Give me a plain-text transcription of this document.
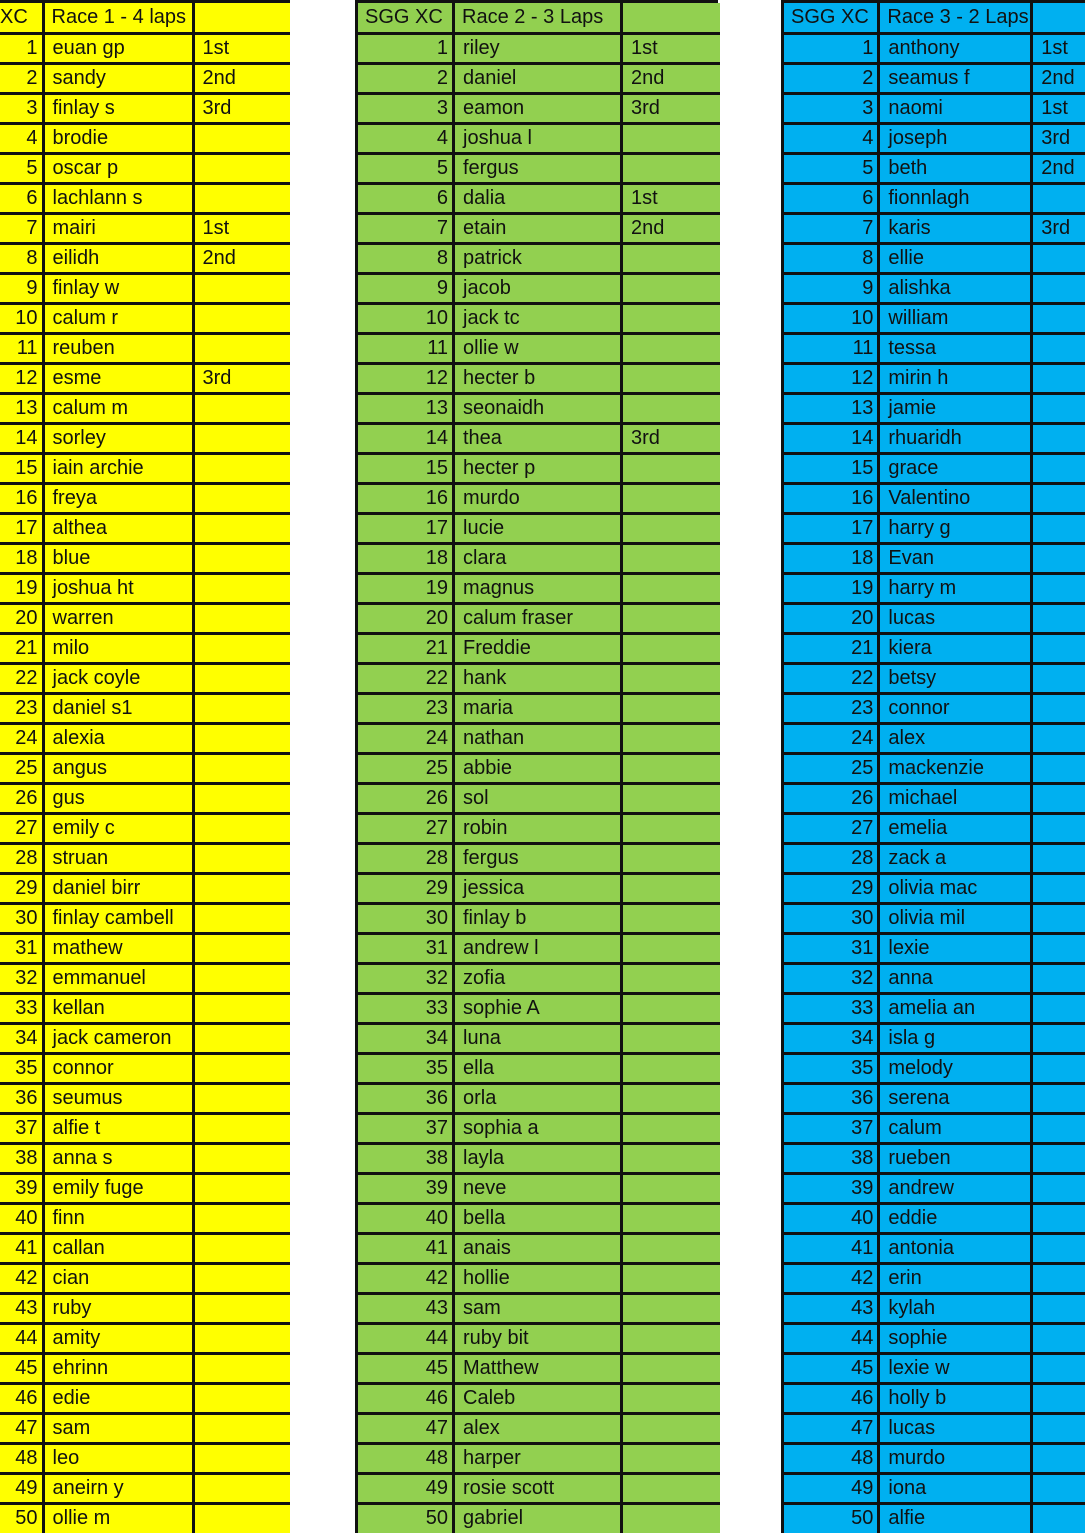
XC	Race 1 - 4 laps	
1	euan gp	1st
2	sandy	2nd
3	finlay s	3rd
4	brodie	
5	oscar p	
6	lachlann s	
7	mairi	1st
8	eilidh	2nd
9	finlay w	
10	calum r	
11	reuben	
12	esme	3rd
13	calum m	
14	sorley	
15	iain archie	
16	freya	
17	althea	
18	blue	
19	joshua ht	
20	warren	
21	milo	
22	jack coyle	
23	daniel s1	
24	alexia	
25	angus	
26	gus	
27	emily c	
28	struan	
29	daniel birr	
30	finlay cambell	
31	mathew	
32	emmanuel	
33	kellan	
34	jack cameron	
35	connor	
36	seumus	
37	alfie t	
38	anna s	
39	emily fuge	
40	finn	
41	callan	
42	cian	
43	ruby	
44	amity	
45	ehrinn	
46	edie	
47	sam	
48	leo	
49	aneirn y	
50	ollie m	
SGG XC	Race 2 - 3 Laps	
1	riley	1st
2	daniel	2nd
3	eamon	3rd
4	joshua l	
5	fergus	
6	dalia	1st
7	etain	2nd
8	patrick	
9	jacob	
10	jack tc	
11	ollie w	
12	hecter b	
13	seonaidh	
14	thea	3rd
15	hecter p	
16	murdo	
17	lucie	
18	clara	
19	magnus	
20	calum fraser	
21	Freddie	
22	hank	
23	maria	
24	nathan	
25	abbie	
26	sol	
27	robin	
28	fergus	
29	jessica	
30	finlay b	
31	andrew l	
32	zofia	
33	sophie A	
34	luna	
35	ella	
36	orla	
37	sophia a	
38	layla	
39	neve	
40	bella	
41	anais	
42	hollie	
43	sam	
44	ruby bit	
45	Matthew	
46	Caleb	
47	alex	
48	harper	
49	rosie scott	
50	gabriel	
SGG XC	Race 3 - 2 Laps	
1	anthony	1st
2	seamus f	2nd
3	naomi	1st
4	joseph	3rd
5	beth	2nd
6	fionnlagh	
7	karis	3rd
8	ellie	
9	alishka	
10	william	
11	tessa	
12	mirin h	
13	jamie	
14	rhuaridh	
15	grace	
16	Valentino	
17	harry g	
18	Evan	
19	harry m	
20	lucas	
21	kiera	
22	betsy	
23	connor	
24	alex	
25	mackenzie	
26	michael	
27	emelia	
28	zack a	
29	olivia mac	
30	olivia mil	
31	lexie	
32	anna	
33	amelia an	
34	isla g	
35	melody	
36	serena	
37	calum	
38	rueben	
39	andrew	
40	eddie	
41	antonia	
42	erin	
43	kylah	
44	sophie	
45	lexie w	
46	holly b	
47	lucas	
48	murdo	
49	iona	
50	alfie	
